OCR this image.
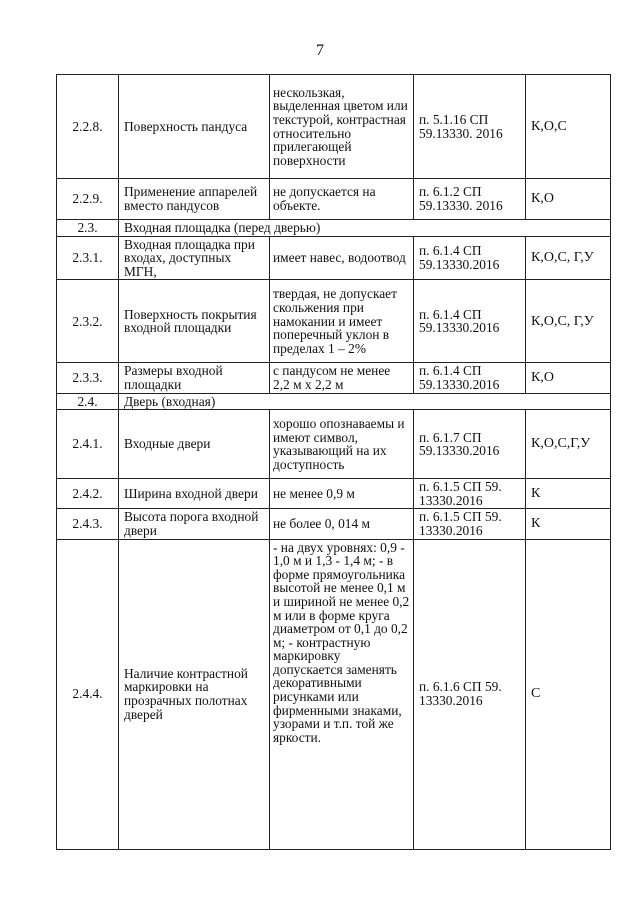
7
2.2.8.	Поверхность пандуса	нескользкая, выделенная цветом или текстурой, контрастная относительно прилегающей поверхности	п. 5.1.16 СП 59.13330. 2016	К,О,С
2.2.9.	Применение аппарелей вместо пандусов	не допускается на объекте.	п. 6.1.2 СП 59.13330. 2016	К,О
2.3.	Входная площадка (перед дверью)			
2.3.1.	Входная площадка при входах, доступных МГН,	имеет навес, водоотвод	п. 6.1.4 СП 59.13330.2016	К,О,С, Г,У
2.3.2.	Поверхность покрытия входной площадки	твердая, не допускает скольжения при намокании и имеет поперечный уклон в пределах 1 – 2%	п. 6.1.4 СП 59.13330.2016	К,О,С, Г,У
2.3.3.	Размеры входной площадки	с пандусом не менее 2,2 м х 2,2 м	п. 6.1.4 СП 59.13330.2016	К,О
2.4.	Дверь (входная)			
2.4.1.	Входные двери	хорошо опознаваемы и имеют символ, указывающий на их доступность	п. 6.1.7 СП 59.13330.2016	К,О,С,Г,У
2.4.2.	Ширина входной двери	не менее 0,9 м	п. 6.1.5 СП 59. 13330.2016	К
2.4.3.	Высота порога входной двери	не более 0, 014 м	п. 6.1.5 СП 59. 13330.2016	К
2.4.4.	Наличие контрастной маркировки на прозрачных полотнах дверей	- на двух уровнях: 0,9 - 1,0 м и 1,3 - 1,4 м; - в форме прямоугольника высотой не менее 0,1 м и шириной не менее 0,2 м или в форме круга диаметром от 0,1 до 0,2 м; - контрастную маркировку допускается заменять декоративными рисунками или фирменными знаками, узорами и т.п. той же яркости.	п. 6.1.6 СП 59. 13330.2016	С
